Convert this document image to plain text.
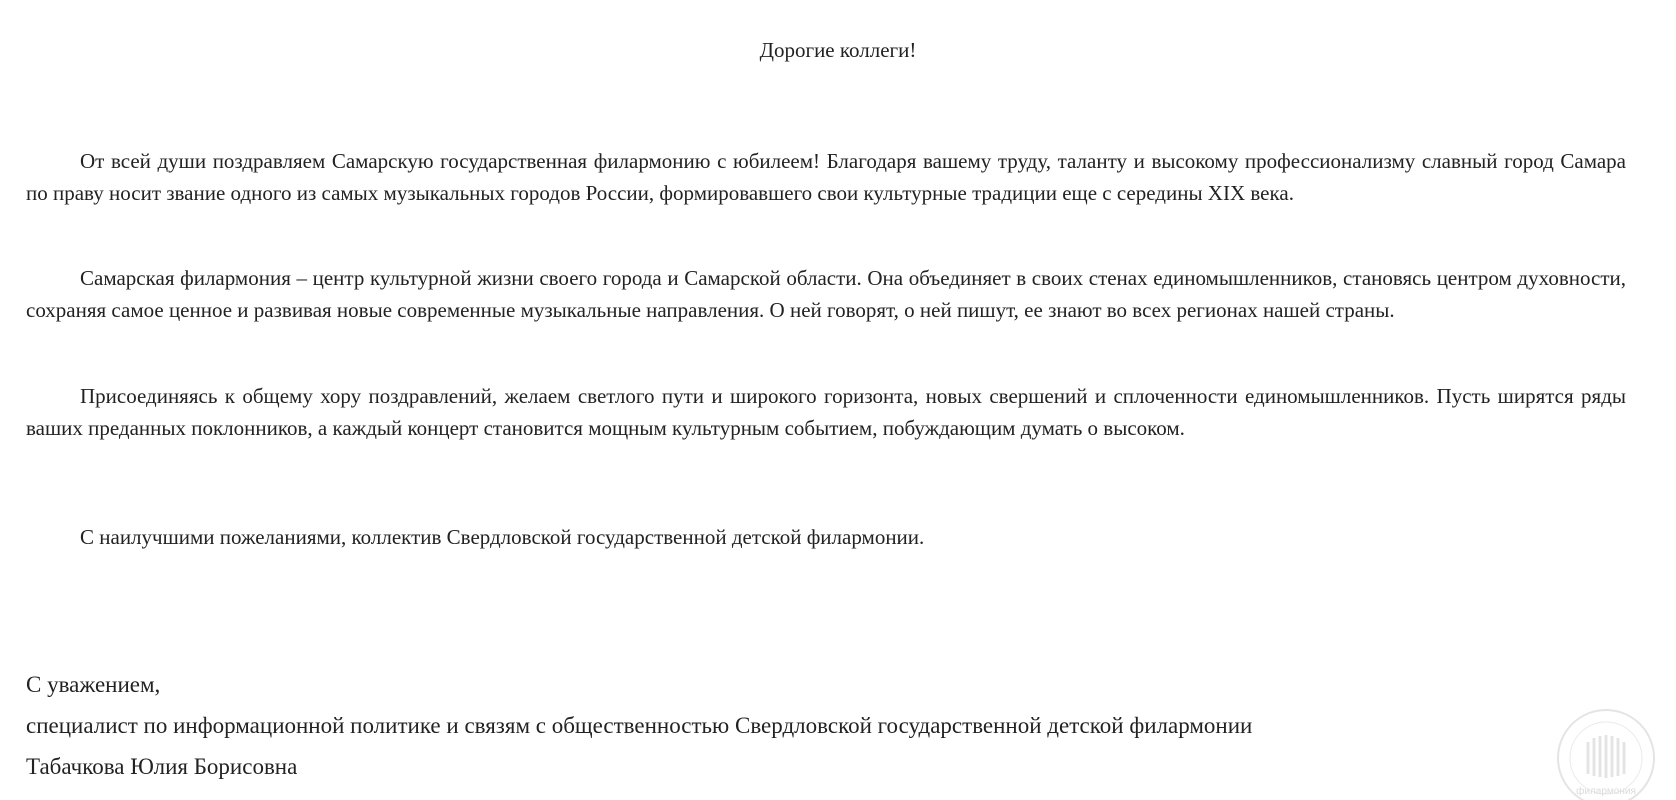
Дорогие коллеги!

От всей души поздравляем Самарскую государственная филармонию с юбилеем! Благодаря вашему труду, таланту и высокому профессионализму славный город Самара по праву носит звание одного из самых музыкальных городов России, формировавшего свои культурные традиции еще с середины XIX века.

Самарская филармония – центр культурной жизни своего города и Самарской области. Она объединяет в своих стенах единомышленников, становясь центром духовности, сохраняя самое ценное и развивая новые современные музыкальные направления. О ней говорят, о ней пишут, ее знают во всех регионах нашей страны.

Присоединяясь к общему хору поздравлений, желаем светлого пути и широкого горизонта, новых свершений и сплоченности единомышленников. Пусть ширятся ряды ваших преданных поклонников, а каждый концерт становится мощным культурным событием, побуждающим думать о высоком.

С наилучшими пожеланиями, коллектив Свердловской государственной детской филармонии.

С уважением,
специалист по информационной политике и связям с общественностью Свердловской государственной детской филармонии
Табачкова Юлия Борисовна
филармония
